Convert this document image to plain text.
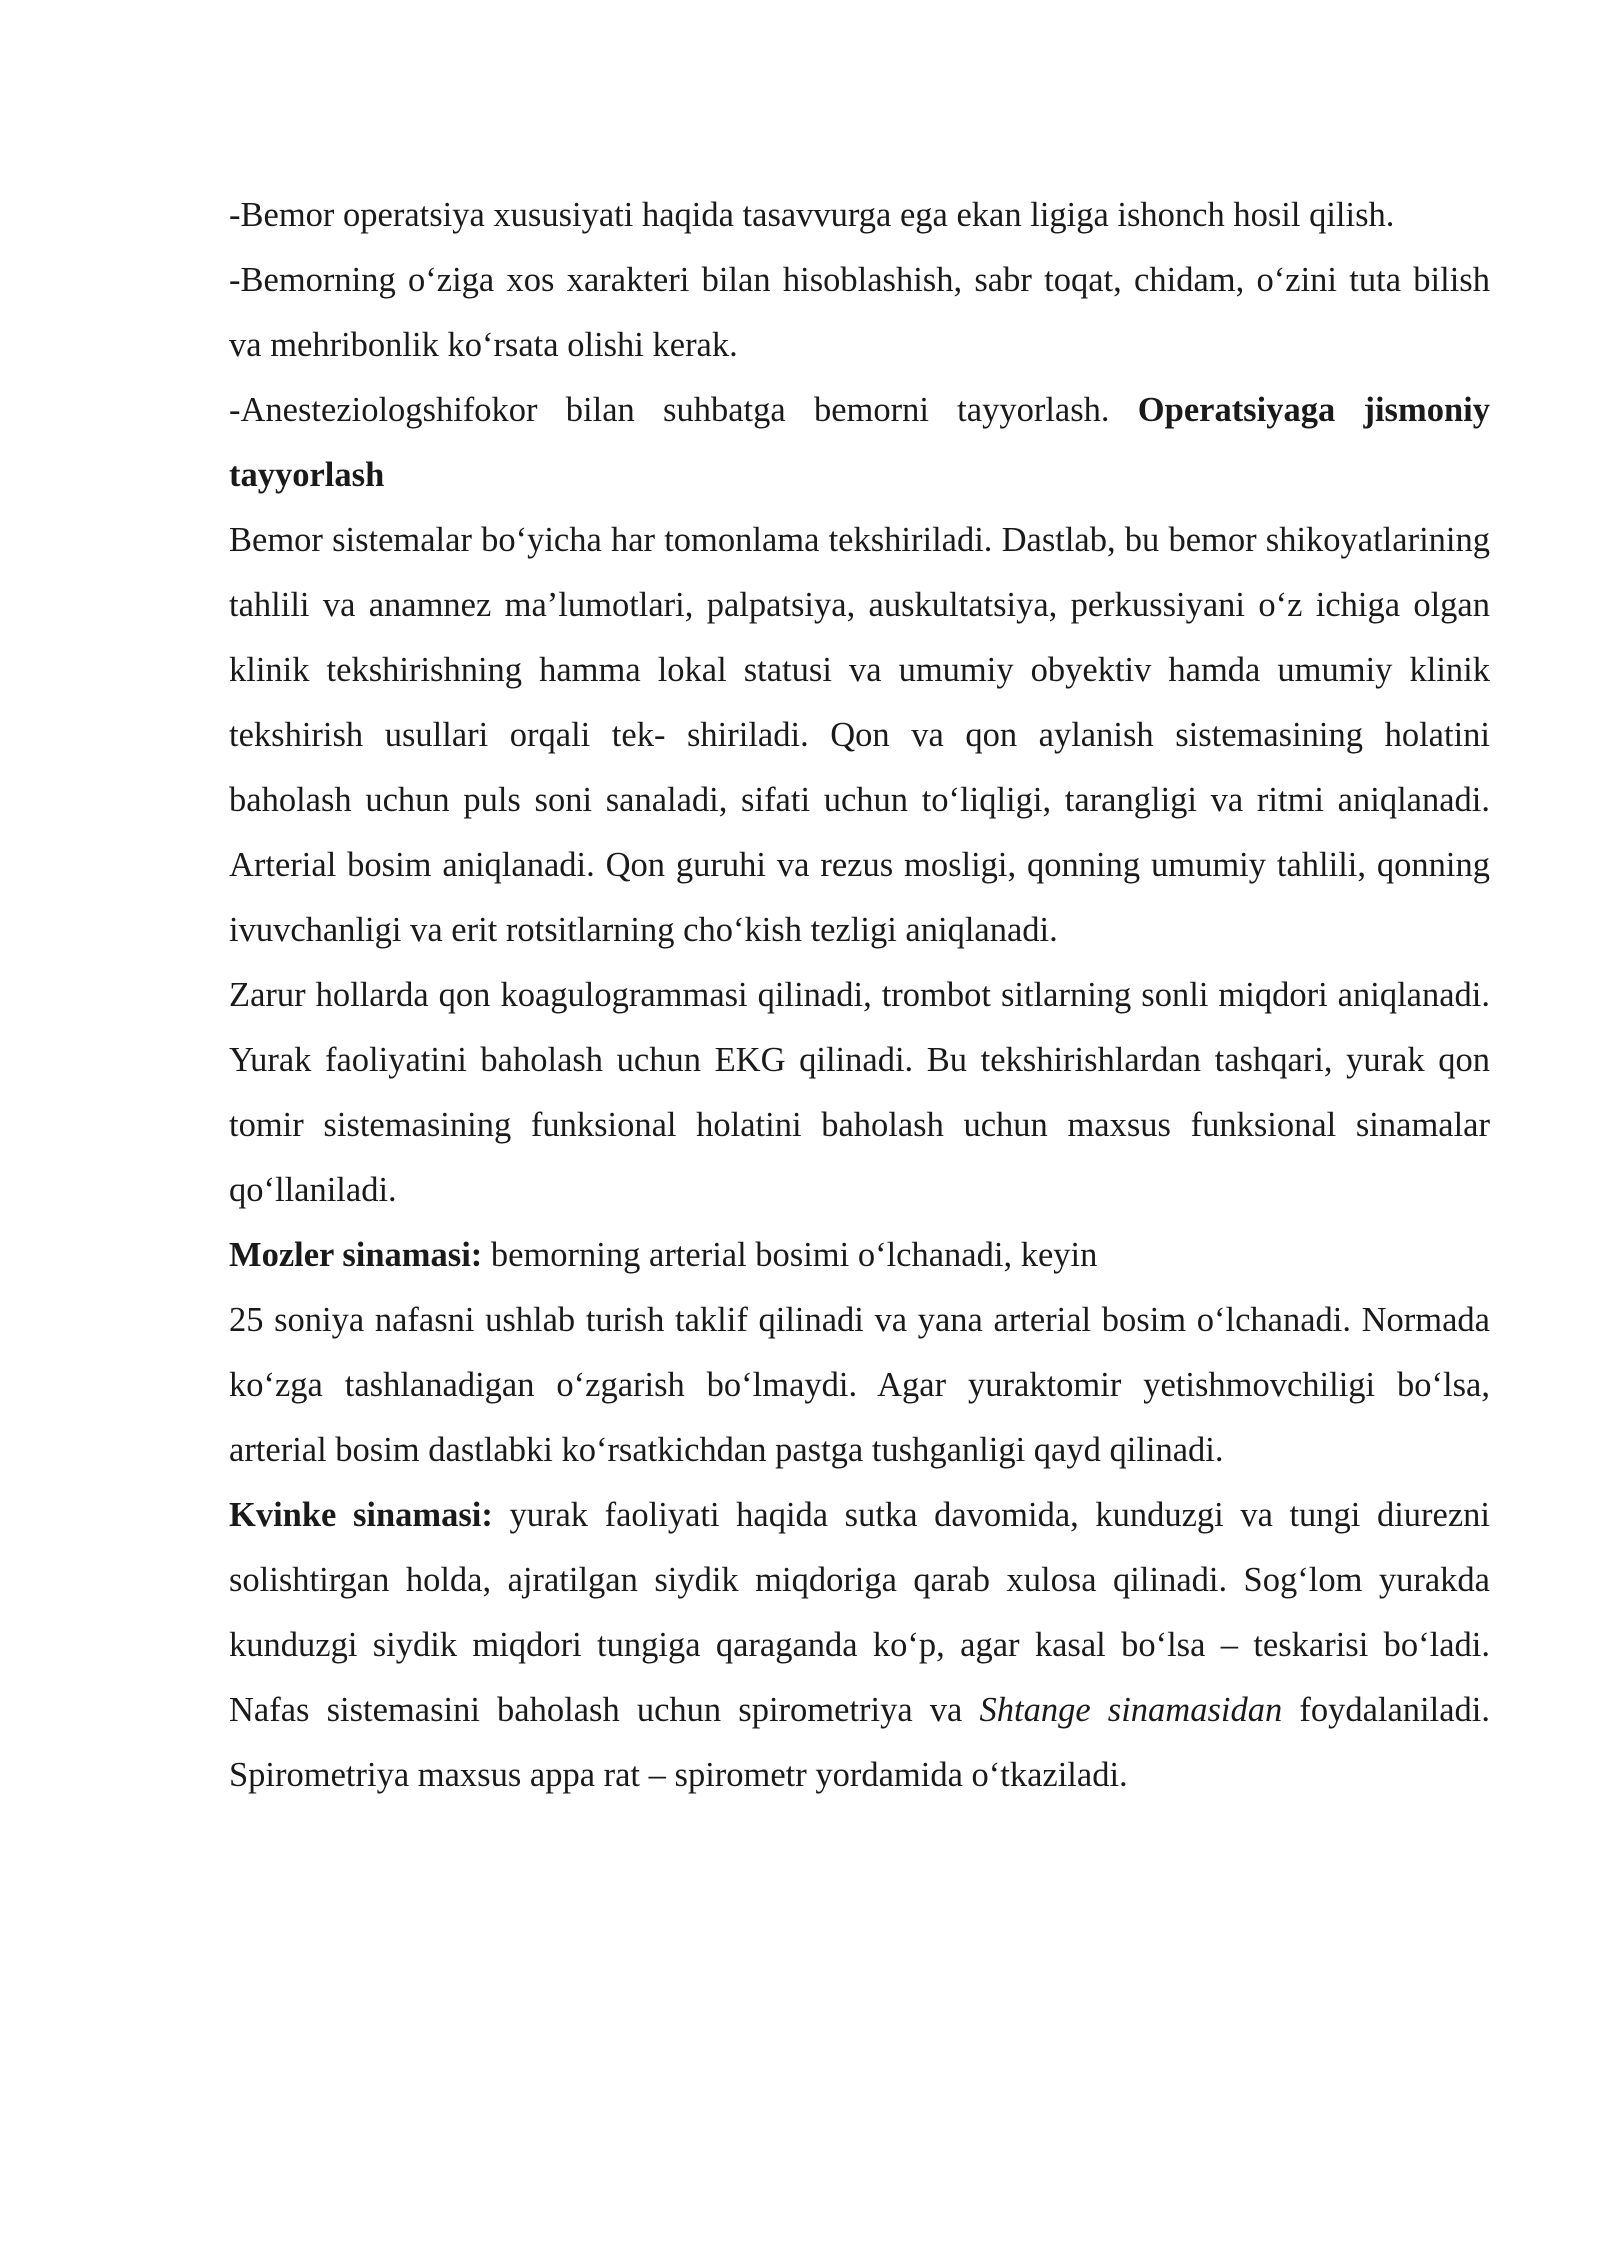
-Bemor operatsiya xususiyati haqida tasavvurga ega ekan ligiga ishonch hosil qilish.

-Bemorning o‘ziga xos xarakteri bilan hisoblashish, sabr toqat, chidam, o‘zini tuta bilish va mehribonlik ko‘rsata olishi kerak.

-Anesteziologshifokor bilan suhbatga bemorni tayyorlash. Operatsiyaga jismoniy tayyorlash

Bemor sistemalar bo‘yicha har tomonlama tekshiriladi. Dastlab, bu bemor shikoyatlarining tahlili va anamnez ma’lumotlari, palpatsiya, auskultatsiya, perkussiyani o‘z ichiga olgan klinik tekshirishning hamma lokal statusi va umumiy obyektiv hamda umumiy klinik tekshirish usullari orqali tek- shiriladi. Qon va qon aylanish sistemasining holatini baholash uchun puls soni sanaladi, sifati uchun to‘liqligi, tarangligi va ritmi aniqlanadi. Arterial bosim aniqlanadi. Qon guruhi va rezus mosligi, qonning umumiy tahlili, qonning ivuvchanligi va erit rotsitlarning cho‘kish tezligi aniqlanadi.

Zarur hollarda qon koagulogrammasi qilinadi, trombot sitlarning sonli miqdori aniqlanadi. Yurak faoliyatini baholash uchun EKG qilinadi. Bu tekshirishlardan tashqari, yurak qon tomir sistemasining funksional holatini baholash uchun maxsus funksional sinamalar qo‘llaniladi.

Mozler sinamasi: bemorning arterial bosimi o‘lchanadi, keyin

25 soniya nafasni ushlab turish taklif qilinadi va yana arterial bosim o‘lchanadi. Normada ko‘zga tashlanadigan o‘zgarish bo‘lmaydi. Agar yuraktomir yetishmovchiligi bo‘lsa, arterial bosim dastlabki ko‘rsatkichdan pastga tushganligi qayd qilinadi.

Kvinke sinamasi: yurak faoliyati haqida sutka davomida, kunduzgi va tungi diurezni solishtirgan holda, ajratilgan siydik miqdoriga qarab xulosa qilinadi. Sog‘lom yurakda kunduzgi siydik miqdori tungiga qaraganda ko‘p, agar kasal bo‘lsa – teskarisi bo‘ladi. Nafas sistemasini baholash uchun spirometriya va Shtange sinamasidan foydalaniladi. Spirometriya maxsus appa rat – spirometr yordamida o‘tkaziladi.
